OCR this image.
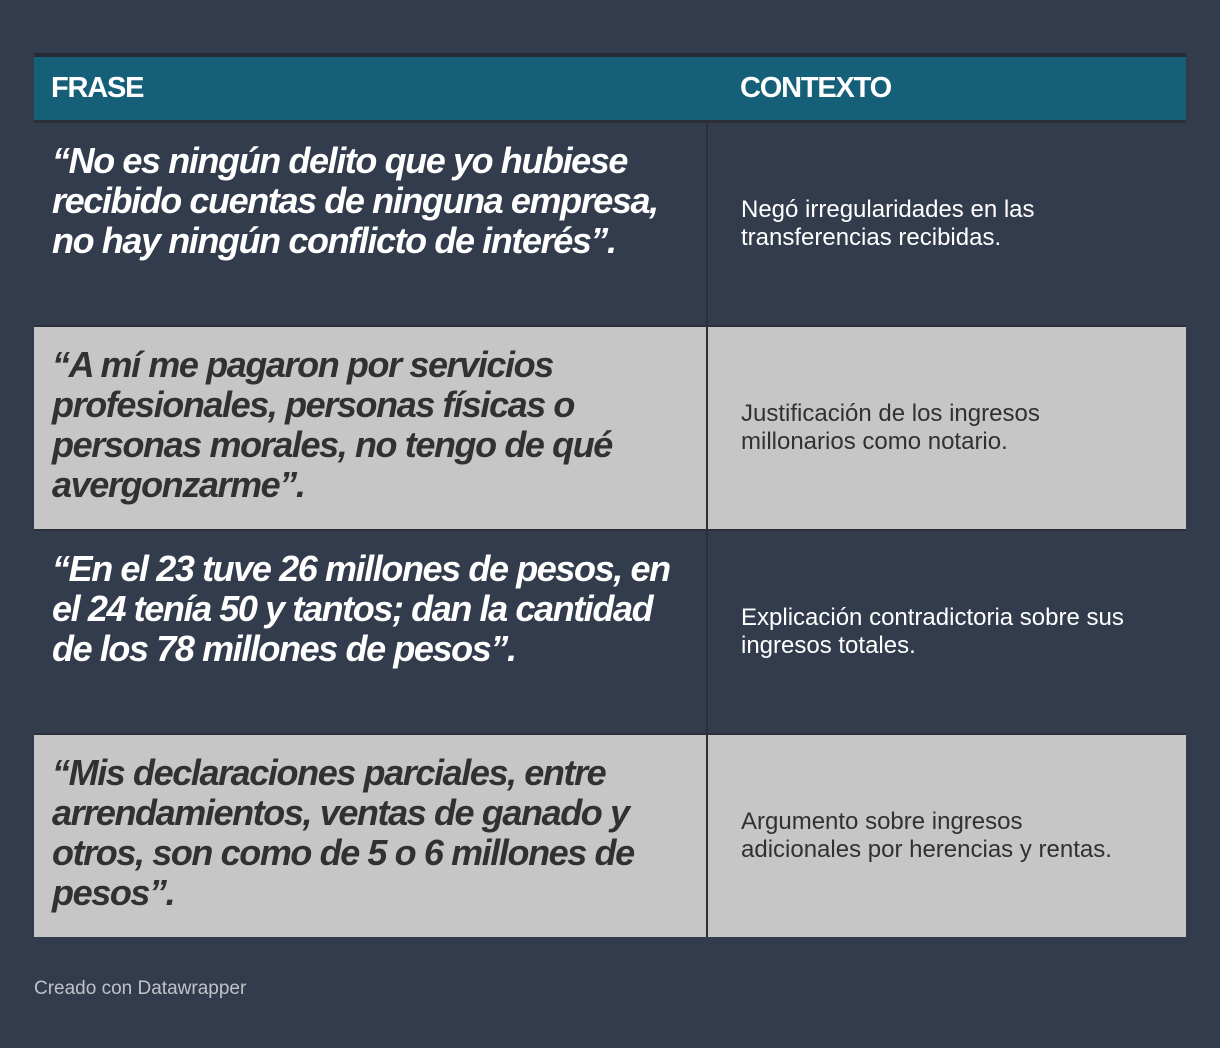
FRASE	CONTEXTO
“No es ningún delito que yo hubiese recibido cuentas de ninguna empresa, no hay ningún conflicto de interés”.
Negó irregularidades en las transferencias recibidas.
“A mí me pagaron por servicios profesionales, personas físicas o personas morales, no tengo de qué avergonzarme”.
Justificación de los ingresos millonarios como notario.
“En el 23 tuve 26 millones de pesos, en el 24 tenía 50 y tantos; dan la cantidad de los 78 millones de pesos”.
Explicación contradictoria sobre sus ingresos totales.
“Mis declaraciones parciales, entre arrendamientos, ventas de ganado y otros, son como de 5 o 6 millones de pesos”.
Argumento sobre ingresos adicionales por herencias y rentas.
Creado con Datawrapper
